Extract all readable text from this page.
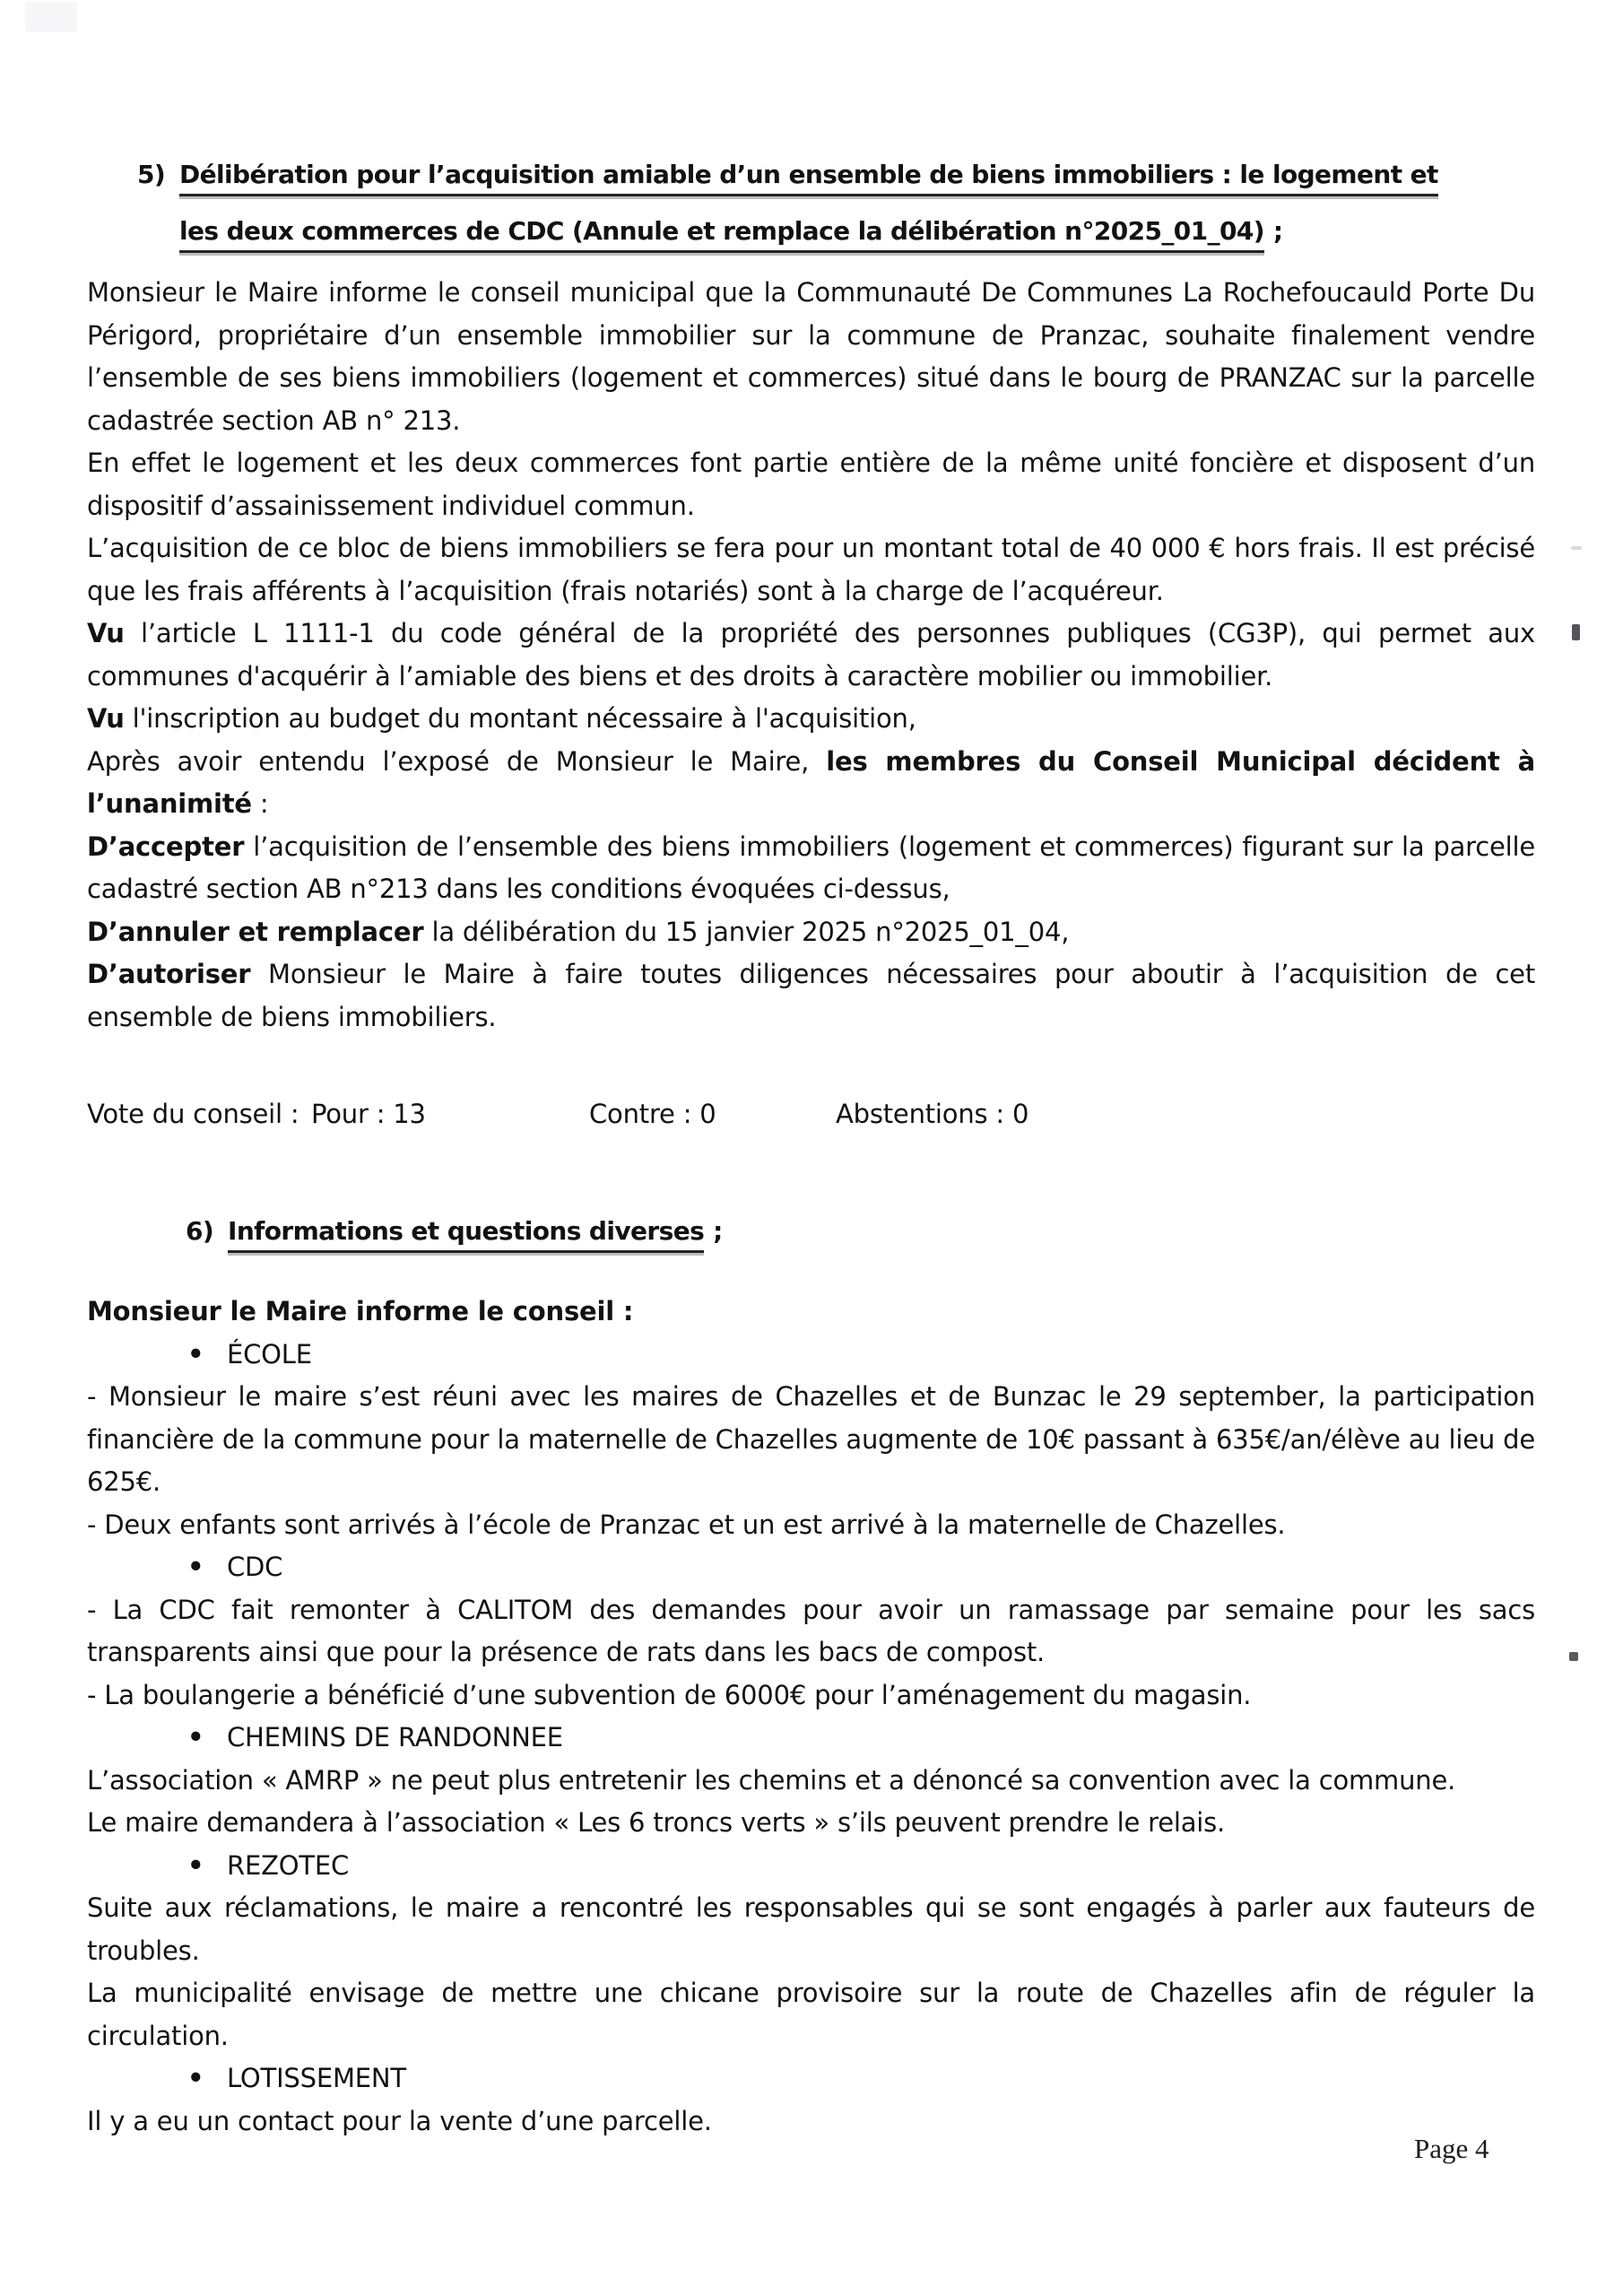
5) Délibération pour l’acquisition amiable d’un ensemble de biens immobiliers : le logement et
les deux commerces de CDC (Annule et remplace la délibération n°2025_01_04) ;

Monsieur le Maire informe le conseil municipal que la Communauté De Communes La Rochefoucauld Porte Du Périgord, propriétaire d’un ensemble immobilier sur la commune de Pranzac, souhaite finalement vendre l’ensemble de ses biens immobiliers (logement et commerces) situé dans le bourg de PRANZAC sur la parcelle cadastrée section AB n° 213.

En effet le logement et les deux commerces font partie entière de la même unité foncière et disposent d’un dispositif d’assainissement individuel commun.

L’acquisition de ce bloc de biens immobiliers se fera pour un montant total de 40 000 € hors frais. Il est précisé que les frais afférents à l’acquisition (frais notariés) sont à la charge de l’acquéreur.

Vu l’article L 1111-1 du code général de la propriété des personnes publiques (CG3P), qui permet aux communes d'acquérir à l’amiable des biens et des droits à caractère mobilier ou immobilier.

Vu l'inscription au budget du montant nécessaire à l'acquisition,

Après avoir entendu l’exposé de Monsieur le Maire, les membres du Conseil Municipal décident à l’unanimité :

D’accepter l’acquisition de l’ensemble des biens immobiliers (logement et commerces) figurant sur la parcelle cadastré section AB n°213 dans les conditions évoquées ci-dessus,

D’annuler et remplacer la délibération du 15 janvier 2025 n°2025_01_04,

D’autoriser Monsieur le Maire à faire toutes diligences nécessaires pour aboutir à l’acquisition de cet ensemble de biens immobiliers.

Vote du conseil : Pour : 13	Contre : 0	Abstentions : 0
6) Informations et questions diverses ;

Monsieur le Maire informe le conseil :

• ÉCOLE

- Monsieur le maire s’est réuni avec les maires de Chazelles et de Bunzac le 29 september, la participation financière de la commune pour la maternelle de Chazelles augmente de 10€ passant à 635€/an/élève au lieu de 625€.

- Deux enfants sont arrivés à l’école de Pranzac et un est arrivé à la maternelle de Chazelles.

• CDC

- La CDC fait remonter à CALITOM des demandes pour avoir un ramassage par semaine pour les sacs transparents ainsi que pour la présence de rats dans les bacs de compost.

- La boulangerie a bénéficié d’une subvention de 6000€ pour l’aménagement du magasin.

• CHEMINS DE RANDONNEE

L’association « AMRP » ne peut plus entretenir les chemins et a dénoncé sa convention avec la commune.

Le maire demandera à l’association « Les 6 troncs verts » s’ils peuvent prendre le relais.

• REZOTEC

Suite aux réclamations, le maire a rencontré les responsables qui se sont engagés à parler aux fauteurs de troubles.

La municipalité envisage de mettre une chicane provisoire sur la route de Chazelles afin de réguler la circulation.

• LOTISSEMENT

Il y a eu un contact pour la vente d’une parcelle.

Page 4
